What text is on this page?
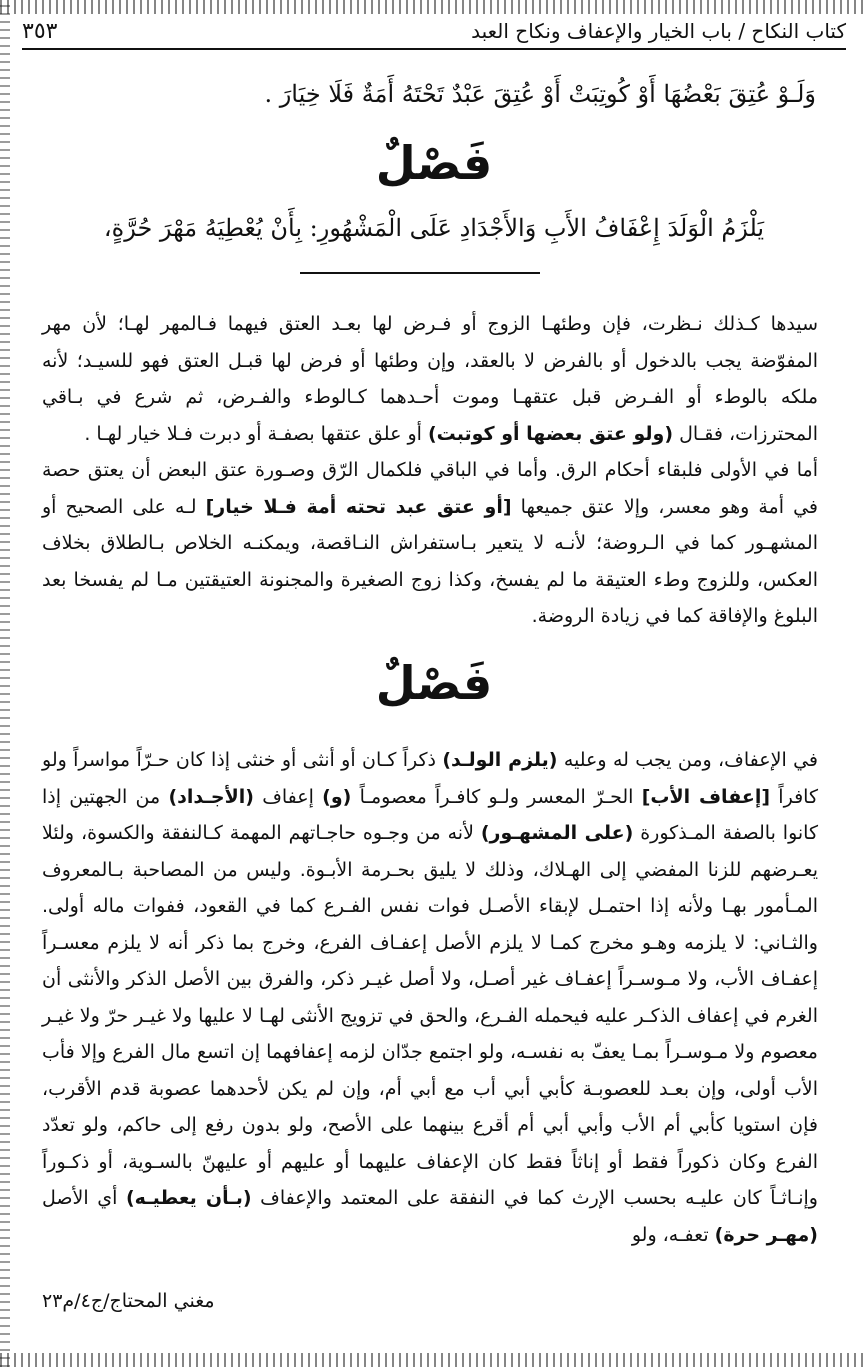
كتاب النكاح / باب الخيار والإعفاف ونكاح العبد
٣٥٣
وَلَـوْ عُتِقَ بَعْضُهَا أَوْ كُوتِبَتْ أَوْ عُتِقَ عَبْدٌ تَحْتَهُ أَمَةٌ فَلَا خِيَارَ .
فَصْلٌ
يَلْزَمُ الْوَلَدَ إِعْفَافُ الأَبِ وَالأَجْدَادِ عَلَى الْمَشْهُورِ: بِأَنْ يُعْطِيَهُ مَهْرَ حُرَّةٍ،
سيدها كـذلك نـظرت، فإن وطئهـا الزوج أو فـرض لها بعـد العتق فيهما فـالمهر لهـا؛ لأن مهر المفوّضة يجب بالدخول أو بالفرض لا بالعقد، وإن وطئها أو فرض لها قبـل العتق فهو للسيـد؛ لأنه ملكه بالوطء أو الفـرض قبل عتقهـا وموت أحـدهما كـالوطء والفـرض، ثم شرع في بـاقي المحترزات، فقـال (ولو عتق بعضها أو كوتبت) أو علق عتقها بصفـة أو دبرت فـلا خيار لهـا .
أما في الأولى فلبقاء أحكام الرق. وأما في الباقي فلكمال الرّق وصـورة عتق البعض أن يعتق حصة في أمة وهو معسر، وإلا عتق جميعها [أو عتق عبد تحته أمة فـلا خيار] لـه على الصحيح أو المشهـور كما في الـروضة؛ لأنـه لا يتعير بـاستفراش النـاقصة، ويمكنـه الخلاص بـالطلاق بخلاف العكس، وللزوج وطء العتيقة ما لم يفسخ، وكذا زوج الصغيرة والمجنونة العتيقتين مـا لم يفسخا بعد البلوغ والإفاقة كما في زيادة الروضة.
فَصْلٌ
في الإعفاف، ومن يجب له وعليه (يلزم الولـد) ذكراً كـان أو أنثى أو خنثى إذا كان حـرّاً مواسراً ولو كافراً [إعفاف الأب] الحـرّ المعسر ولـو كافـراً معصومـاً (و) إعفاف (الأجـداد) من الجهتين إذا كانوا بالصفة المـذكورة (على المشهـور) لأنه من وجـوه حاجـاتهم المهمة كـالنفقة والكسوة، ولئلا يعـرضهم للزنا المفضي إلى الهـلاك، وذلك لا يليق بحـرمة الأبـوة. وليس من المصاحبة بـالمعروف المـأمور بهـا ولأنه إذا احتمـل لإبقاء الأصـل فوات نفس الفـرع كما في القعود، ففوات ماله أولى. والثـاني: لا يلزمه وهـو مخرج كمـا لا يلزم الأصل إعفـاف الفرع، وخرج بما ذكر أنه لا يلزم معسـراً إعفـاف الأب، ولا مـوسـراً إعفـاف غير أصـل، ولا أصل غيـر ذكر، والفرق بين الأصل الذكر والأنثى أن الغرم في إعفاف الذكـر عليه فيحمله الفـرع، والحق في تزويج الأنثى لهـا لا عليها ولا غيـر حرّ ولا غيـر معصوم ولا مـوسـراً بمـا يعفّ به نفسـه، ولو اجتمع جدّان لزمه إعفافهما إن اتسع مال الفرع وإلا فأب الأب أولى، وإن بعـد للعصوبـة كأبي أبي أب مع أبي أم، وإن لم يكن لأحدهما عصوبة قدم الأقرب، فإن استويا كأبي أم الأب وأبي أبي أم أقرع بينهما على الأصح، ولو بدون رفع إلى حاكم، ولو تعدّد الفرع وكان ذكوراً فقط أو إناثاً فقط كان الإعفاف عليهما أو عليهم أو عليهنّ بالسـوية، أو ذكـوراً وإنـاثـاً كان عليـه بحسب الإرث كما في النفقة على المعتمد والإعفاف (بـأن يعطيـه) أي الأصل (مهـر حرة) تعفـه، ولو
مغني المحتاج/ج٤/م٢٣
